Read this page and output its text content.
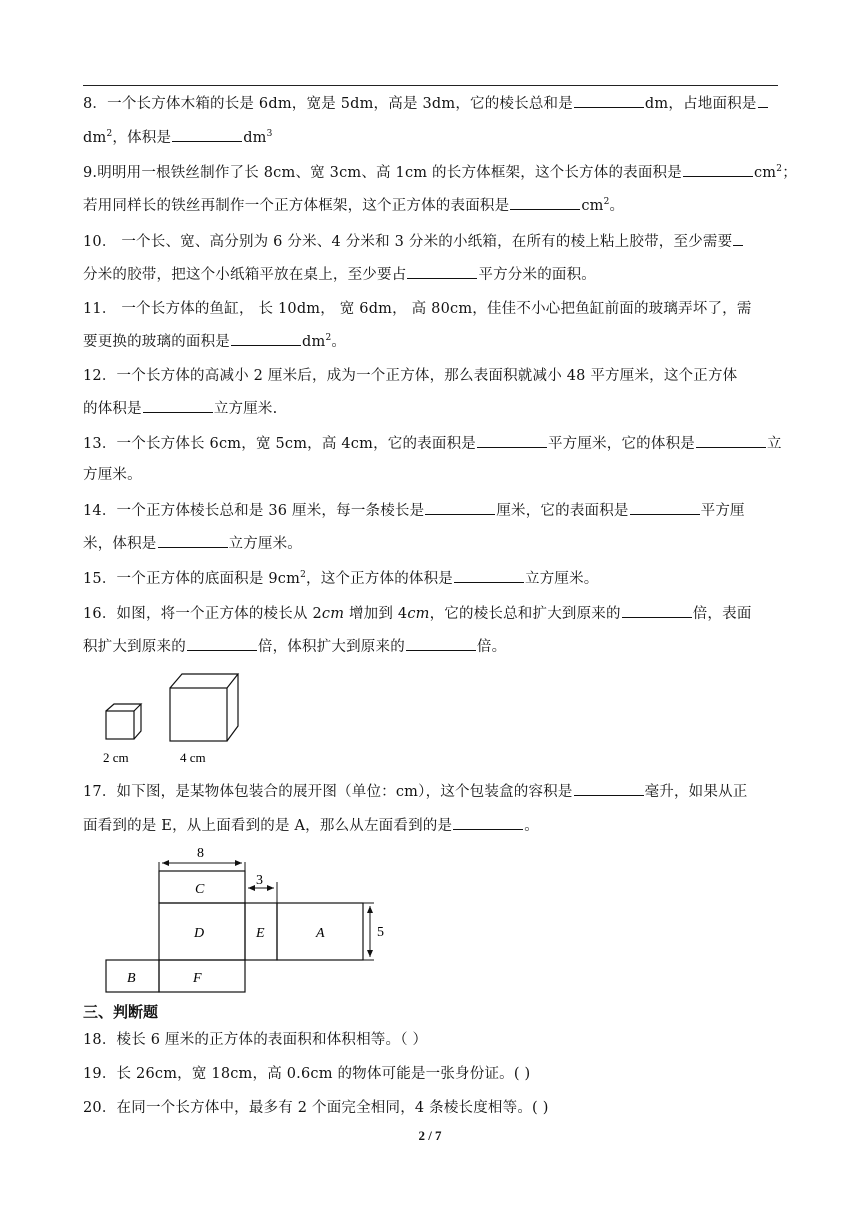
8．一个长方体木箱的长是 6dm，宽是 5dm，高是 3dm，它的棱长总和是	dm，占地面积是
$dm^2$，体积是	$dm^3$
9.明明用一根铁丝制作了长 8cm、宽 3cm、高 1cm 的长方体框架，这个长方体的表面积是	$cm^2$；
若用同样长的铁丝再制作一个正方体框架，这个正方体的表面积是	$cm^2$。
10． 一个长、宽、高分别为 6 分米、4 分米和 3 分米的小纸箱，在所有的棱上粘上胶带，至少需要
分米的胶带，把这个小纸箱平放在桌上，至少要占	平方分米的面积。
11． 一个长方体的鱼缸， 长 10dm， 宽 6dm， 高 80cm，佳佳不小心把鱼缸前面的玻璃弄坏了，需
要更换的玻璃的面积是	$dm^2$。
12．一个长方体的高减小 2 厘米后，成为一个正方体，那么表面积就减小 48 平方厘米，这个正方体
的体积是	立方厘米.
13．一个长方体长 6cm，宽 5cm，高 4cm，它的表面积是	平方厘米，它的体积是	立
方厘米。
14．一个正方体棱长总和是 36 厘米，每一条棱长是	厘米，它的表面积是	平方厘
米，体积是	立方厘米。
15．一个正方体的底面积是 $9cm^2$，这个正方体的体积是	立方厘米。
16．如图，将一个正方体的棱长从 2cm 增加到 4cm，它的棱长总和扩大到原来的	倍，表面
积扩大到原来的	倍，体积扩大到原来的	倍。
2 cm	4 cm
17．如下图，是某物体包装合的展开图（单位：cm），这个包装盒的容积是	毫升，如果从正
面看到的是 E，从上面看到的是 A，那么从左面看到的是	。
8
3
5
C
D	E	A
B	F
三、判断题
18．棱长 6 厘米的正方体的表面积和体积相等。（ ）
19．长 26cm，宽 18cm，高 0.6cm 的物体可能是一张身份证。( )
20．在同一个长方体中，最多有 2 个面完全相同，4 条棱长度相等。( )
2 / 7
